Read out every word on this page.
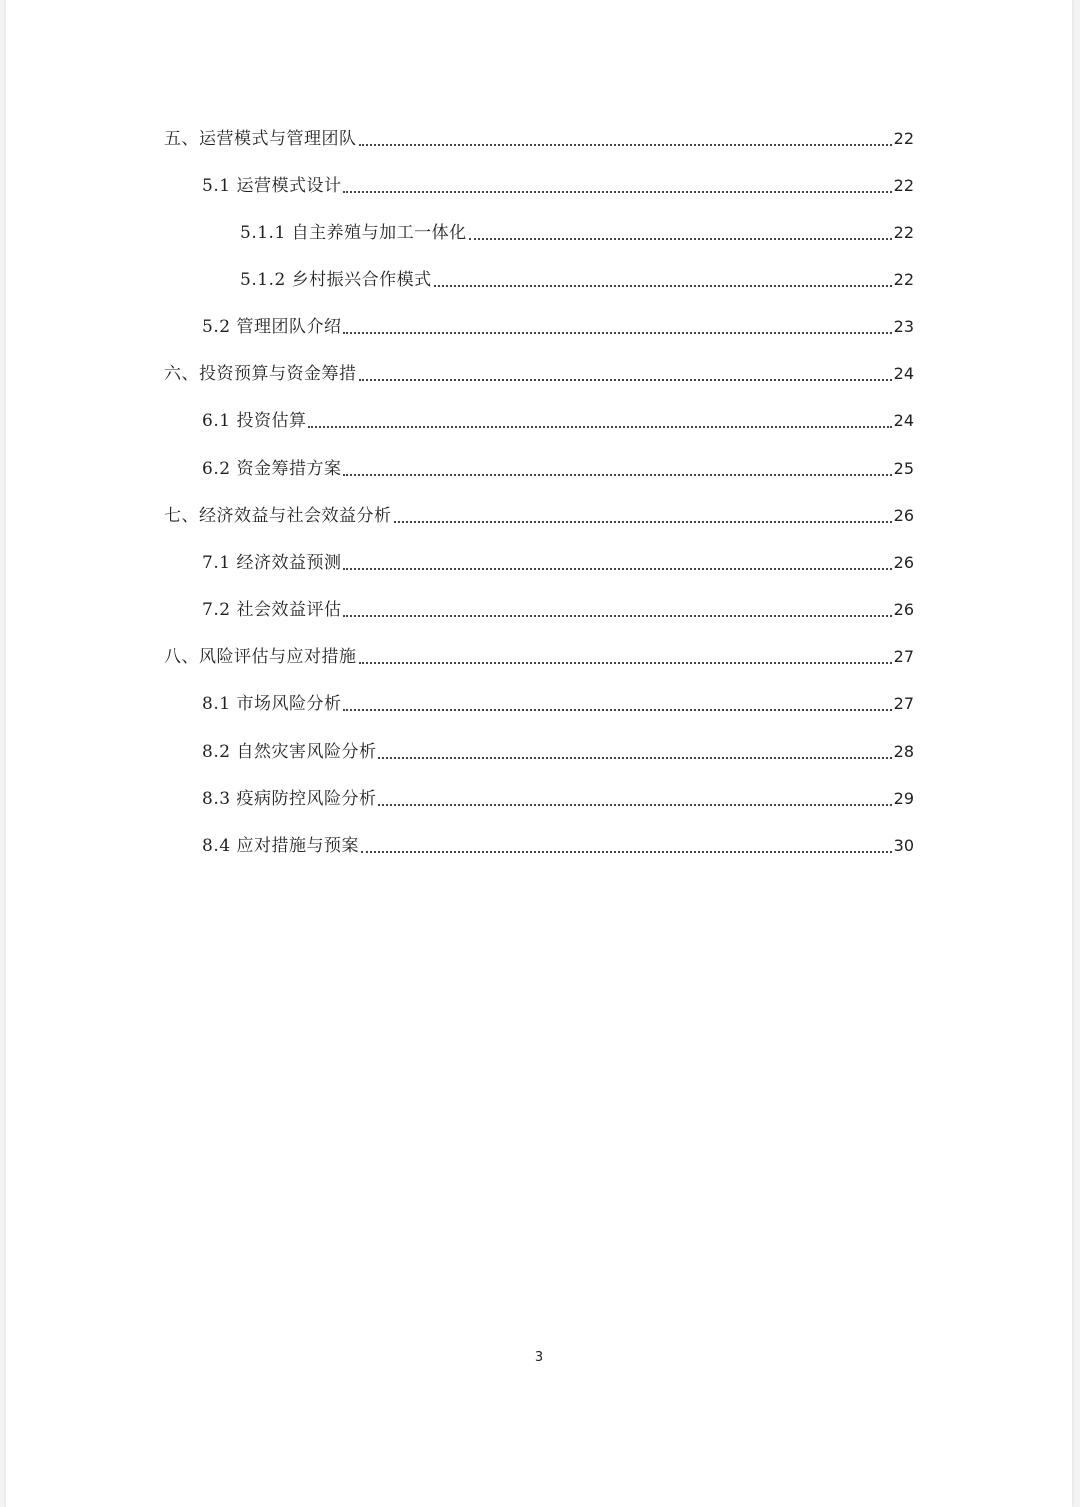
五、运营模式与管理团队	22
5.1 运营模式设计	22
5.1.1 自主养殖与加工一体化	22
5.1.2 乡村振兴合作模式	22
5.2 管理团队介绍	23
六、投资预算与资金筹措	24
6.1 投资估算	24
6.2 资金筹措方案	25
七、经济效益与社会效益分析	26
7.1 经济效益预测	26
7.2 社会效益评估	26
八、风险评估与应对措施	27
8.1 市场风险分析	27
8.2 自然灾害风险分析	28
8.3 疫病防控风险分析	29
8.4 应对措施与预案	30
3
